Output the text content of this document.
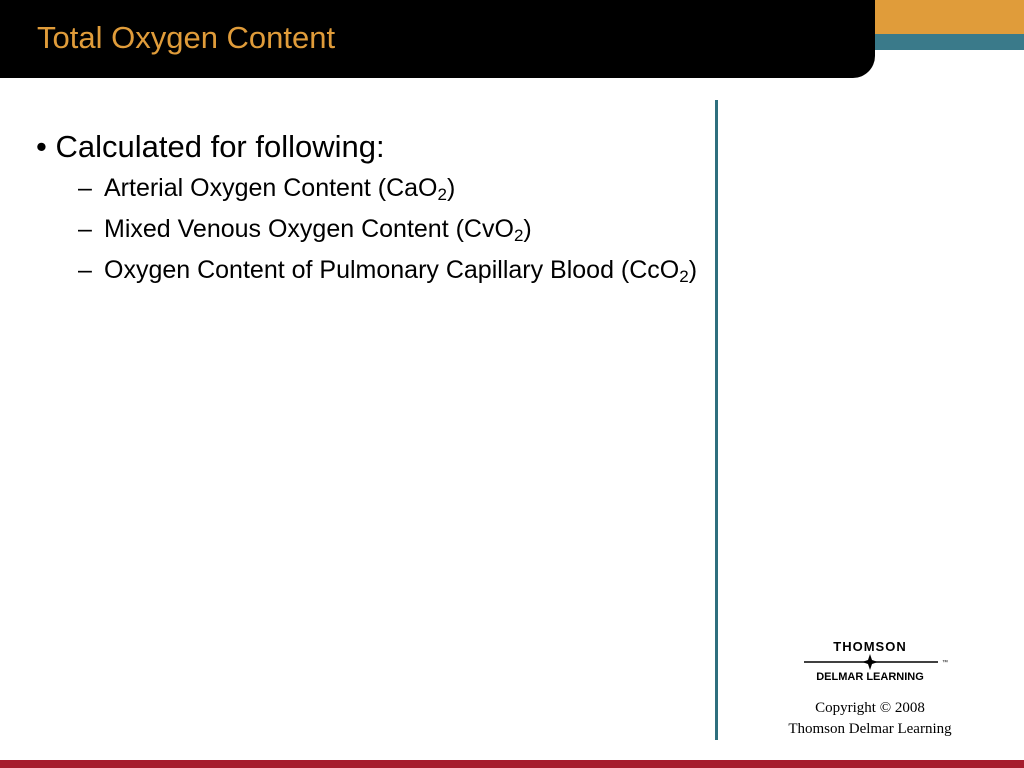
Total Oxygen Content
• Calculated for following:
– Arterial Oxygen Content (CaO$_2$)
– Mixed Venous Oxygen Content (CvO$_2$)
– Oxygen Content of Pulmonary Capillary Blood (CcO$_2$)
THOMSON
™
DELMAR LEARNING
Copyright © 2008
Thomson Delmar Learning
